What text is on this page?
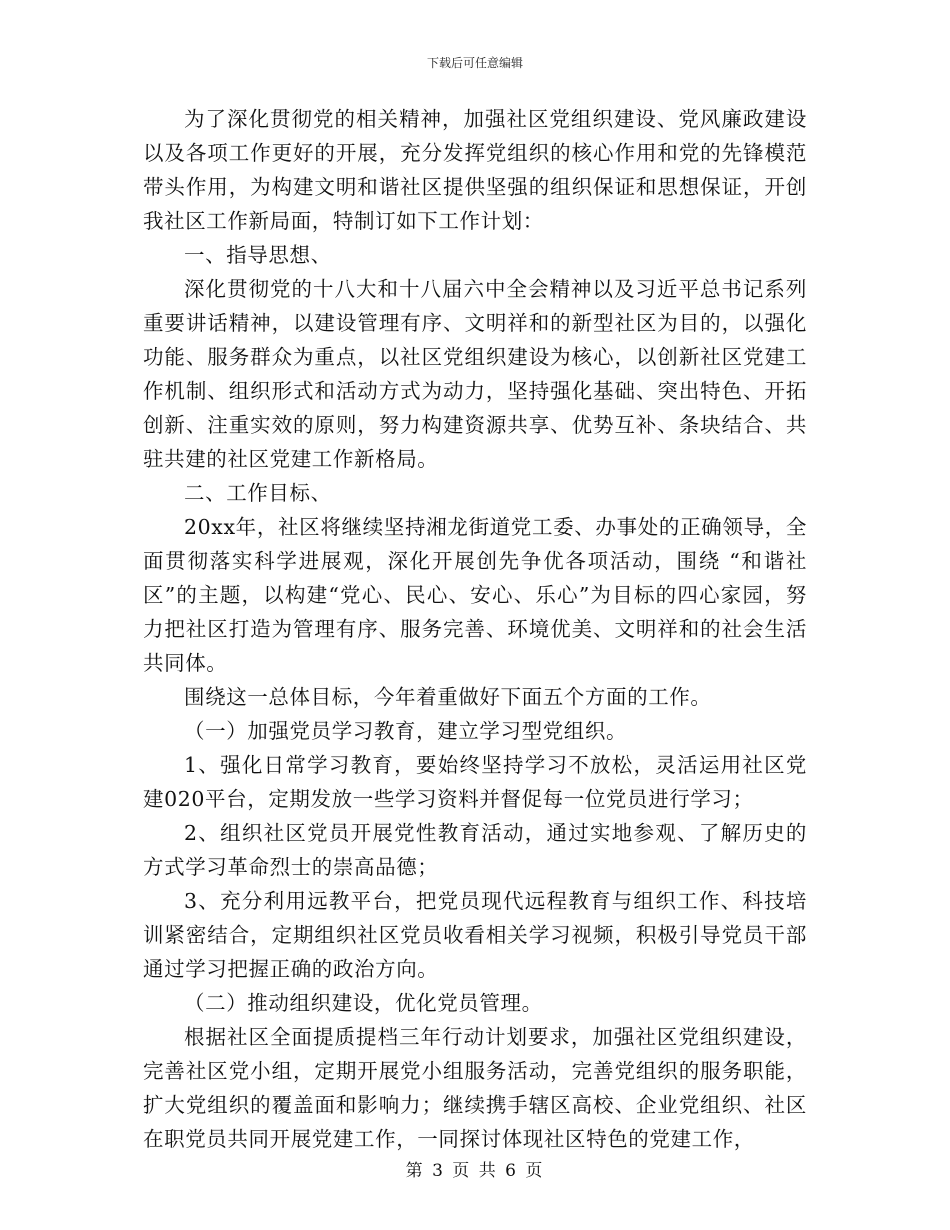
下载后可任意编辑

为了深化贯彻党的相关精神，加强社区党组织建设、党风廉政建设以及各项工作更好的开展，充分发挥党组织的核心作用和党的先锋模范带头作用，为构建文明和谐社区提供坚强的组织保证和思想保证，开创我社区工作新局面，特制订如下工作计划：

一、指导思想、

深化贯彻党的十八大和十八届六中全会精神以及习近平总书记系列重要讲话精神，以建设管理有序、文明祥和的新型社区为目的，以强化功能、服务群众为重点，以社区党组织建设为核心，以创新社区党建工作机制、组织形式和活动方式为动力，坚持强化基础、突出特色、开拓创新、注重实效的原则，努力构建资源共享、优势互补、条块结合、共驻共建的社区党建工作新格局。

二、工作目标、

20xx年，社区将继续坚持湘龙街道党工委、办事处的正确领导，全面贯彻落实科学进展观，深化开展创先争优各项活动，围绕 “和谐社区”的主题，以构建“党心、民心、安心、乐心”为目标的四心家园，努力把社区打造为管理有序、服务完善、环境优美、文明祥和的社会生活共同体。

围绕这一总体目标，今年着重做好下面五个方面的工作。

（一）加强党员学习教育，建立学习型党组织。

1、强化日常学习教育，要始终坚持学习不放松，灵活运用社区党建020平台，定期发放一些学习资料并督促每一位党员进行学习；

2、组织社区党员开展党性教育活动，通过实地参观、了解历史的方式学习革命烈士的崇高品德；

3、充分利用远教平台，把党员现代远程教育与组织工作、科技培训紧密结合，定期组织社区党员收看相关学习视频，积极引导党员干部通过学习把握正确的政治方向。

（二）推动组织建设，优化党员管理。

根据社区全面提质提档三年行动计划要求，加强社区党组织建设，完善社区党小组，定期开展党小组服务活动，完善党组织的服务职能，扩大党组织的覆盖面和影响力；继续携手辖区高校、企业党组织、社区在职党员共同开展党建工作，一同探讨体现社区特色的党建工作，

第 3 页 共 6 页
